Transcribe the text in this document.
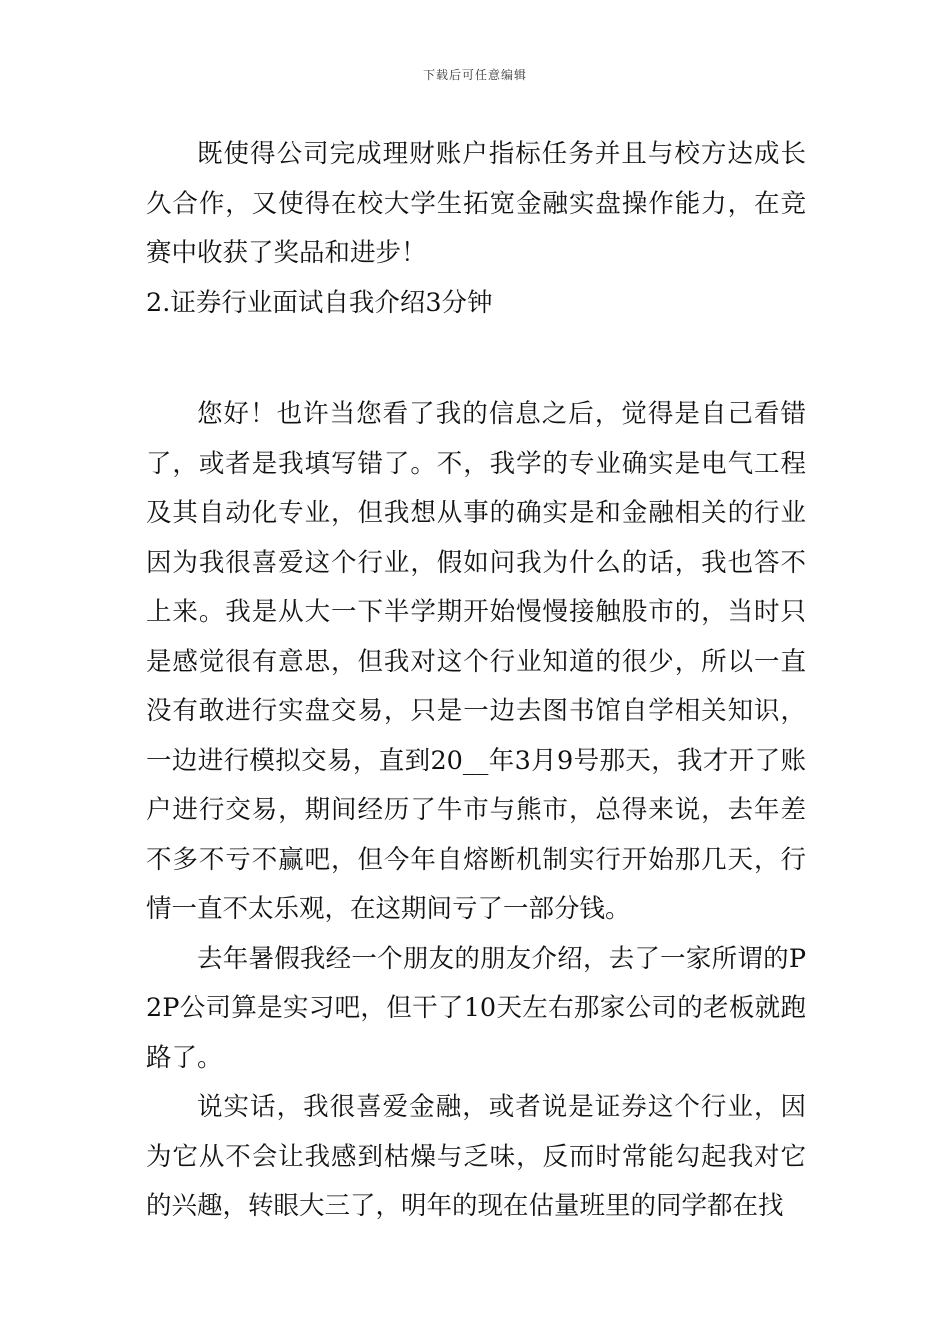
下载后可任意编辑

既使得公司完成理财账户指标任务并且与校方达成长久合作，又使得在校大学生拓宽金融实盘操作能力，在竞赛中收获了奖品和进步！

2.证券行业面试自我介绍3分钟

您好！也许当您看了我的信息之后，觉得是自己看错了，或者是我填写错了。不，我学的专业确实是电气工程及其自动化专业，但我想从事的确实是和金融相关的行业因为我很喜爱这个行业，假如问我为什么的话，我也答不上来。我是从大一下半学期开始慢慢接触股市的，当时只是感觉很有意思，但我对这个行业知道的很少，所以一直没有敢进行实盘交易，只是一边去图书馆自学相关知识，一边进行模拟交易，直到20__年3月9号那天，我才开了账户进行交易，期间经历了牛市与熊市，总得来说，去年差不多不亏不赢吧，但今年自熔断机制实行开始那几天，行情一直不太乐观，在这期间亏了一部分钱。

去年暑假我经一个朋友的朋友介绍，去了一家所谓的P2P公司算是实习吧，但干了10天左右那家公司的老板就跑路了。

说实话，我很喜爱金融，或者说是证券这个行业，因为它从不会让我感到枯燥与乏味，反而时常能勾起我对它的兴趣，转眼大三了，明年的现在估量班里的同学都在找
